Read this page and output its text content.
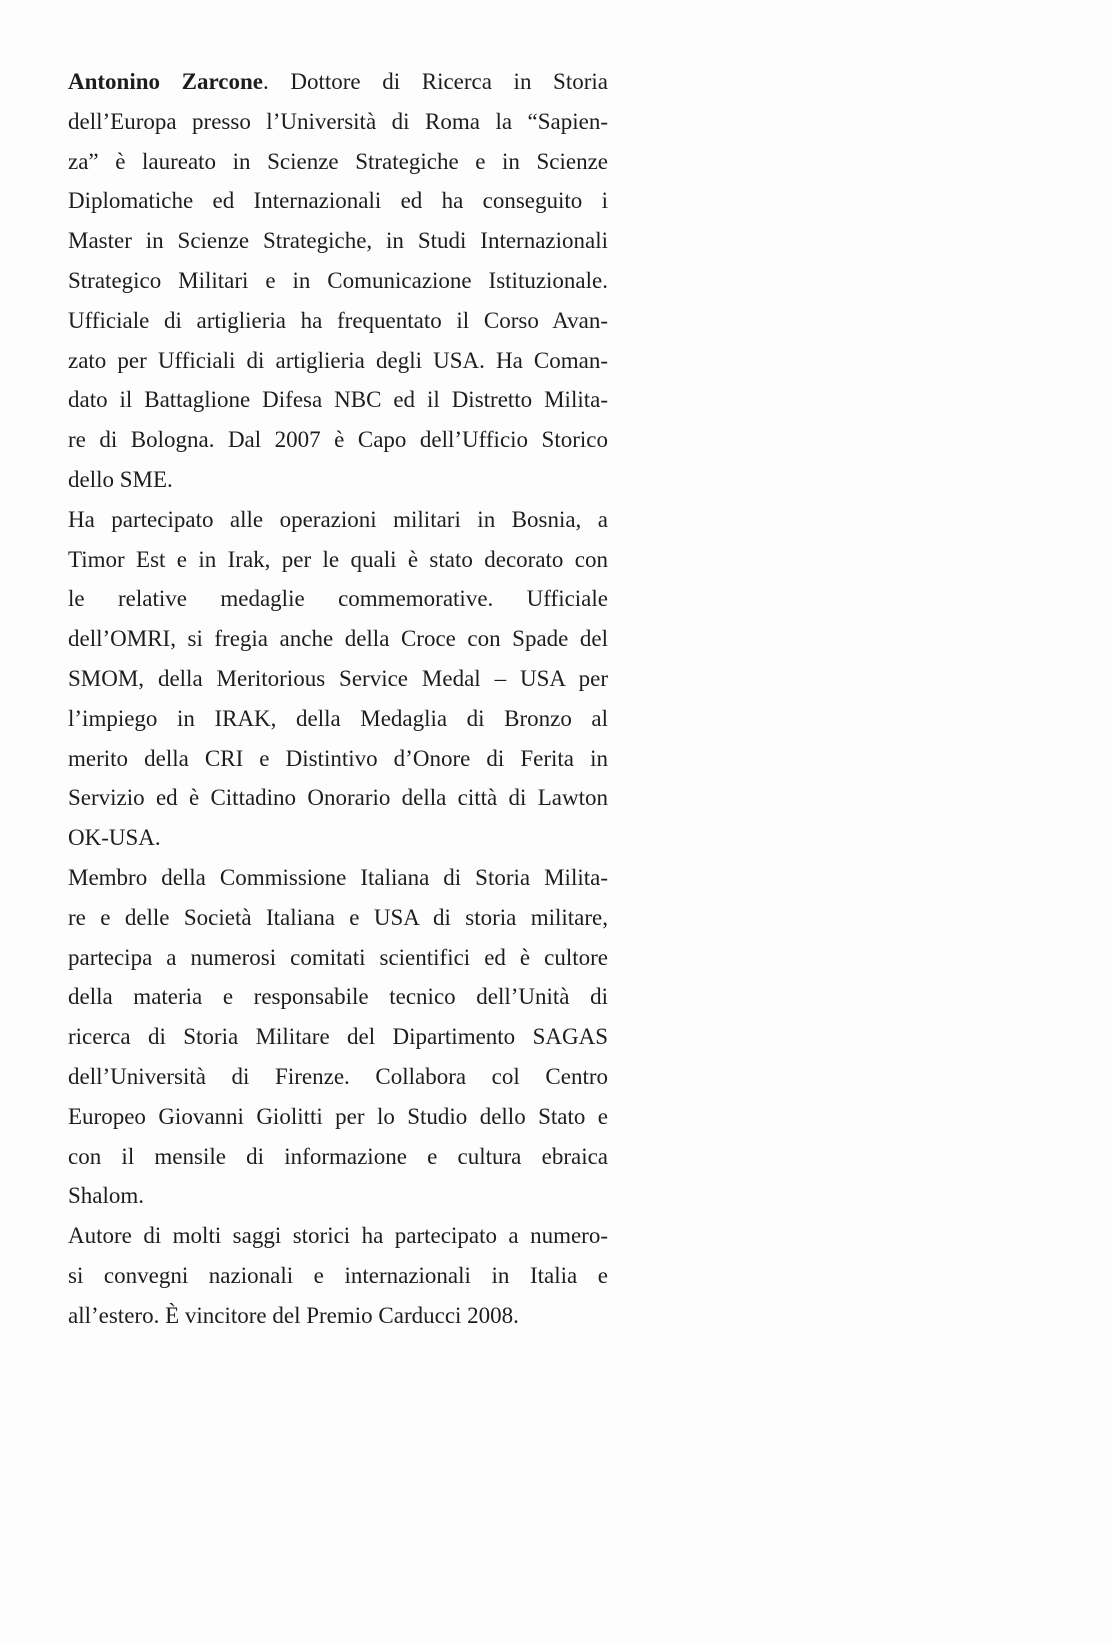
Antonino Zarcone. Dottore di Ricerca in Storia
dell’Europa presso l’Università di Roma la “Sapien-
za” è laureato in Scienze Strategiche e in Scienze
Diplomatiche ed Internazionali ed ha conseguito i
Master in Scienze Strategiche, in Studi Internazionali
Strategico Militari e in Comunicazione Istituzionale.
Ufficiale di artiglieria ha frequentato il Corso Avan-
zato per Ufficiali di artiglieria degli USA. Ha Coman-
dato il Battaglione Difesa NBC ed il Distretto Milita-
re di Bologna. Dal 2007 è Capo dell’Ufficio Storico
dello SME.
Ha partecipato alle operazioni militari in Bosnia, a
Timor Est e in Irak, per le quali è stato decorato con
le relative medaglie commemorative. Ufficiale
dell’OMRI, si fregia anche della Croce con Spade del
SMOM, della Meritorious Service Medal – USA per
l’impiego in IRAK, della Medaglia di Bronzo al
merito della CRI e Distintivo d’Onore di Ferita in
Servizio ed è Cittadino Onorario della città di Lawton
OK-USA.
Membro della Commissione Italiana di Storia Milita-
re e delle Società Italiana e USA di storia militare,
partecipa a numerosi comitati scientifici ed è cultore
della materia e responsabile tecnico dell’Unità di
ricerca di Storia Militare del Dipartimento SAGAS
dell’Università di Firenze. Collabora col Centro
Europeo Giovanni Giolitti per lo Studio dello Stato e
con il mensile di informazione e cultura ebraica
Shalom.
Autore di molti saggi storici ha partecipato a numero-
si convegni nazionali e internazionali in Italia e
all’estero. È vincitore del Premio Carducci 2008.
